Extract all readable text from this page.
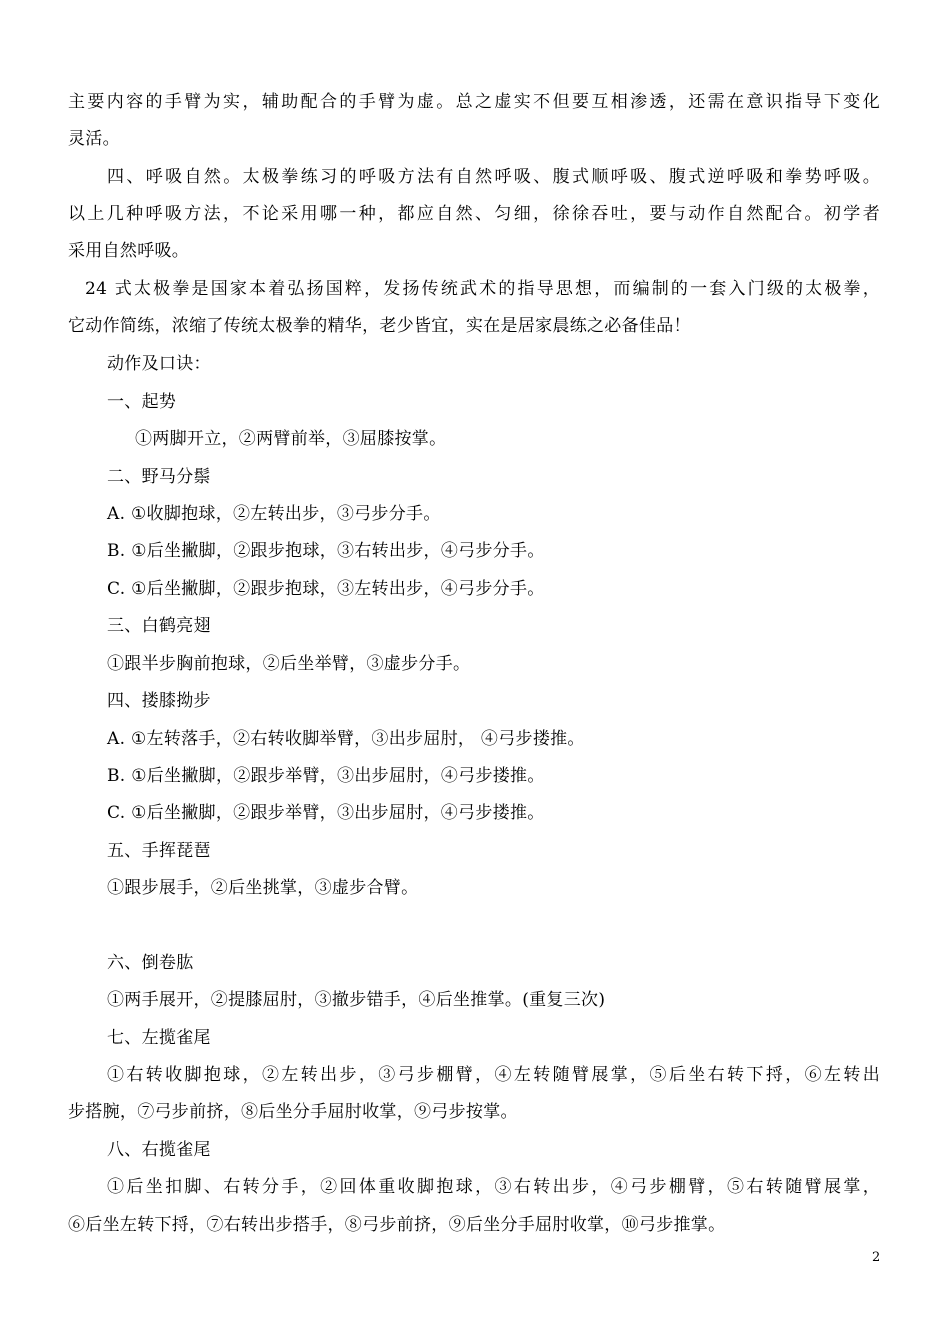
主要内容的手臂为实，辅助配合的手臂为虚。总之虚实不但要互相渗透，还需在意识指导下变化
灵活。
四、呼吸自然。太极拳练习的呼吸方法有自然呼吸、腹式顺呼吸、腹式逆呼吸和拳势呼吸。
以上几种呼吸方法，不论采用哪一种，都应自然、匀细，徐徐吞吐，要与动作自然配合。初学者
采用自然呼吸。
24 式太极拳是国家本着弘扬国粹，发扬传统武术的指导思想，而编制的一套入门级的太极拳，
它动作简练，浓缩了传统太极拳的精华，老少皆宜，实在是居家晨练之必备佳品！
动作及口诀：
一、起势
①两脚开立，②两臂前举，③屈膝按掌。
二、野马分鬃
A. ①收脚抱球，②左转出步，③弓步分手。
B. ①后坐撇脚，②跟步抱球，③右转出步，④弓步分手。
C. ①后坐撇脚，②跟步抱球，③左转出步，④弓步分手。
三、白鹤亮翅
①跟半步胸前抱球，②后坐举臂，③虚步分手。
四、搂膝拗步
A. ①左转落手，②右转收脚举臂，③出步屈肘， ④弓步搂推。
B. ①后坐撇脚，②跟步举臂，③出步屈肘，④弓步搂推。
C. ①后坐撇脚，②跟步举臂，③出步屈肘，④弓步搂推。
五、手挥琵琶
①跟步展手，②后坐挑掌，③虚步合臂。
六、倒卷肱
①两手展开，②提膝屈肘，③撤步错手，④后坐推掌。(重复三次)
七、左揽雀尾
①右转收脚抱球，②左转出步，③弓步棚臂，④左转随臂展掌，⑤后坐右转下捋，⑥左转出
步搭腕，⑦弓步前挤，⑧后坐分手屈肘收掌，⑨弓步按掌。
八、右揽雀尾
①后坐扣脚、右转分手，②回体重收脚抱球，③右转出步，④弓步棚臂，⑤右转随臂展掌，
⑥后坐左转下捋，⑦右转出步搭手，⑧弓步前挤，⑨后坐分手屈肘收掌，⑩弓步推掌。
2
